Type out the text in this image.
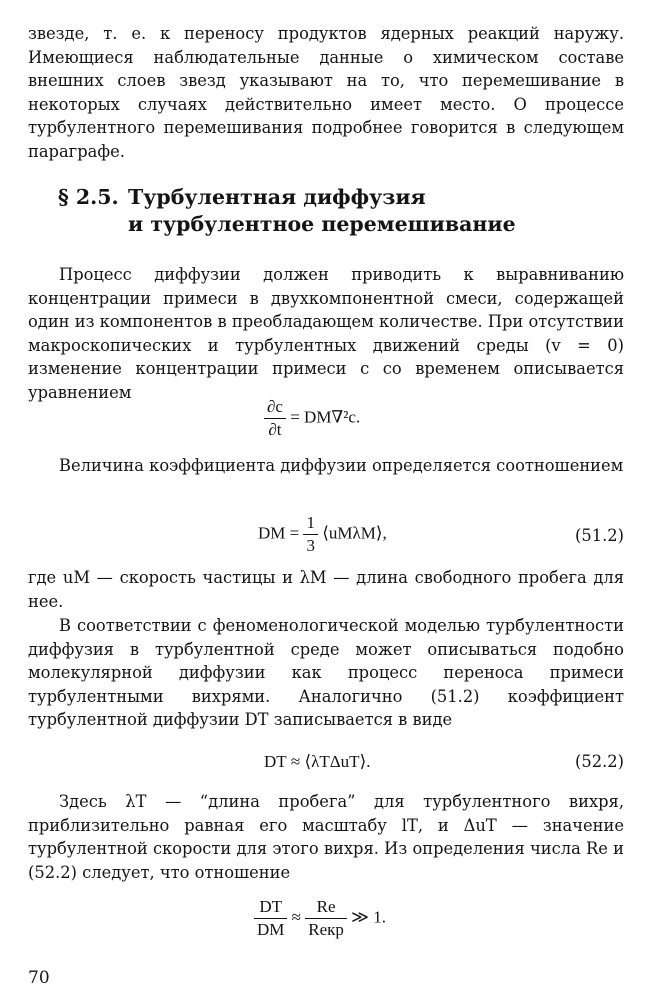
звезде, т. е. к переносу продуктов ядерных реакций наружу. Имеющиеся наблюдательные данные о химическом составе внешних слоев звезд указывают на то, что перемешивание в некоторых случаях действительно имеет место. О процессе турбулентного перемешивания подробнее говорится в следующем параграфе.

§ 2.5. Турбулентная диффузия
и турбулентное перемешивание

Процесс диффузии должен приводить к выравниванию концентрации примеси в двухкомпонентной смеси, содержащей один из компонентов в преобладающем количестве. При отсутствии макроскопических и турбулентных движений среды (v = 0) изменение концентрации примеси c со временем описывается уравнением

$\frac{\partial c}{\partial t} = DМ\nabla^2c$.

Величина коэффициента диффузии определяется соотношением

DМ = $\frac{1}{3}$ ⟨uМλМ⟩,	(51.2)

где uМ — скорость частицы и λМ — длина свободного пробега для нее.

В соответствии с феноменологической моделью турбулентности диффузия в турбулентной среде может описываться подобно молекулярной диффузии как процесс переноса примеси турбулентными вихрями. Аналогично (51.2) коэффициент турбулентной диффузии DТ записывается в виде

DТ ≈ ⟨λТΔuТ⟩.	(52.2)

Здесь λТ — “длина пробега” для турбулентного вихря, приблизительно равная его масштабу lТ, и ΔuТ — значение турбулентной скорости для этого вихря. Из определения числа Re и (52.2) следует, что отношение

$\frac{DТ}{DМ} \approx \frac{Re}{\text{Reкр}}$ ≫ 1.
70
